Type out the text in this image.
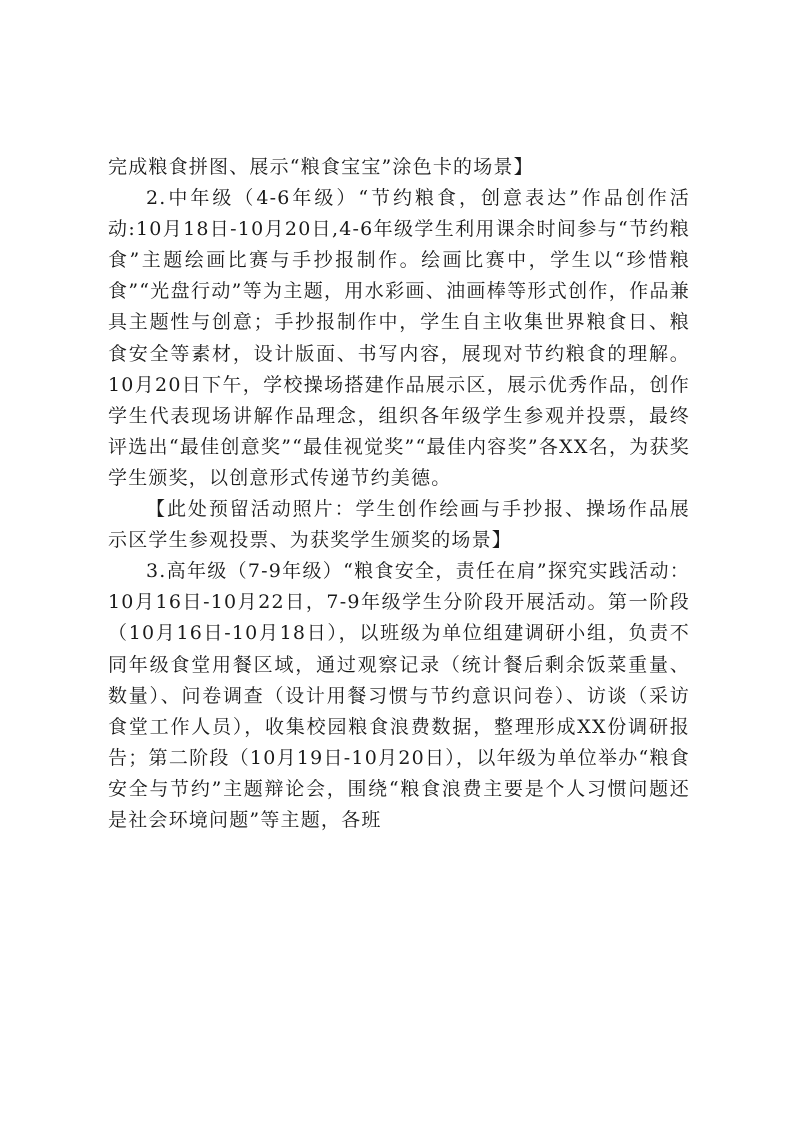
完成粮食拼图、展示“粮食宝宝”涂色卡的场景】

2.中年级（4-6年级）“节约粮食，创意表达”作品创作活动:10月18日-10月20日,4-6年级学生利用课余时间参与“节约粮食”主题绘画比赛与手抄报制作。绘画比赛中，学生以“珍惜粮食”“光盘行动”等为主题，用水彩画、油画棒等形式创作，作品兼具主题性与创意；手抄报制作中，学生自主收集世界粮食日、粮食安全等素材，设计版面、书写内容，展现对节约粮食的理解。10月20日下午，学校操场搭建作品展示区，展示优秀作品，创作学生代表现场讲解作品理念，组织各年级学生参观并投票，最终评选出“最佳创意奖”“最佳视觉奖”“最佳内容奖”各XX名，为获奖学生颁奖，以创意形式传递节约美德。

【此处预留活动照片：学生创作绘画与手抄报、操场作品展示区学生参观投票、为获奖学生颁奖的场景】

3.高年级（7-9年级）“粮食安全，责任在肩”探究实践活动：10月16日-10月22日，7-9年级学生分阶段开展活动。第一阶段（10月16日-10月18日），以班级为单位组建调研小组，负责不同年级食堂用餐区域，通过观察记录（统计餐后剩余饭菜重量、数量）、问卷调查（设计用餐习惯与节约意识问卷）、访谈（采访食堂工作人员），收集校园粮食浪费数据，整理形成XX份调研报告；第二阶段（10月19日-10月20日），以年级为单位举办“粮食安全与节约”主题辩论会，围绕“粮食浪费主要是个人习惯问题还是社会环境问题”等主题，各班
